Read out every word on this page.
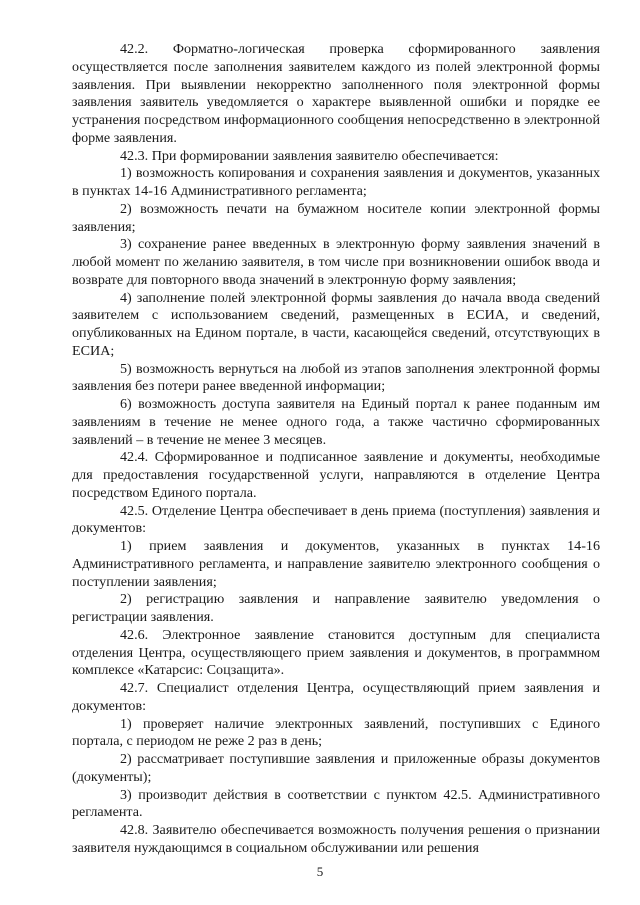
42.2. Форматно-логическая проверка сформированного заявления осуществляется после заполнения заявителем каждого из полей электронной формы заявления. При выявлении некорректно заполненного поля электронной формы заявления заявитель уведомляется о характере выявленной ошибки и порядке ее устранения посредством информационного сообщения непосредственно в электронной форме заявления.

42.3. При формировании заявления заявителю обеспечивается:

1) возможность копирования и сохранения заявления и документов, указанных в пунктах 14-16 Административного регламента;

2) возможность печати на бумажном носителе копии электронной формы заявления;

3) сохранение ранее введенных в электронную форму заявления значений в любой момент по желанию заявителя, в том числе при возникновении ошибок ввода и возврате для повторного ввода значений в электронную форму заявления;

4) заполнение полей электронной формы заявления до начала ввода сведений заявителем с использованием сведений, размещенных в ЕСИА, и сведений, опубликованных на Едином портале, в части, касающейся сведений, отсутствующих в ЕСИА;

5) возможность вернуться на любой из этапов заполнения электронной формы заявления без потери ранее введенной информации;

6) возможность доступа заявителя на Единый портал к ранее поданным им заявлениям в течение не менее одного года, а также частично сформированных заявлений – в течение не менее 3 месяцев.

42.4. Сформированное и подписанное заявление и документы, необходимые для предоставления государственной услуги, направляются в отделение Центра посредством Единого портала.

42.5. Отделение Центра обеспечивает в день приема (поступления) заявления и документов:

1) прием заявления и документов, указанных в пунктах 14-16 Административного регламента, и направление заявителю электронного сообщения о поступлении заявления;

2) регистрацию заявления и направление заявителю уведомления о регистрации заявления.

42.6. Электронное заявление становится доступным для специалиста отделения Центра, осуществляющего прием заявления и документов, в программном комплексе «Катарсис: Соцзащита».

42.7. Специалист отделения Центра, осуществляющий прием заявления и документов:

1) проверяет наличие электронных заявлений, поступивших с Единого портала, с периодом не реже 2 раз в день;

2) рассматривает поступившие заявления и приложенные образы документов (документы);

3) производит действия в соответствии с пунктом 42.5. Административного регламента.

42.8. Заявителю обеспечивается возможность получения решения о признании заявителя нуждающимся в социальном обслуживании или решения

5
